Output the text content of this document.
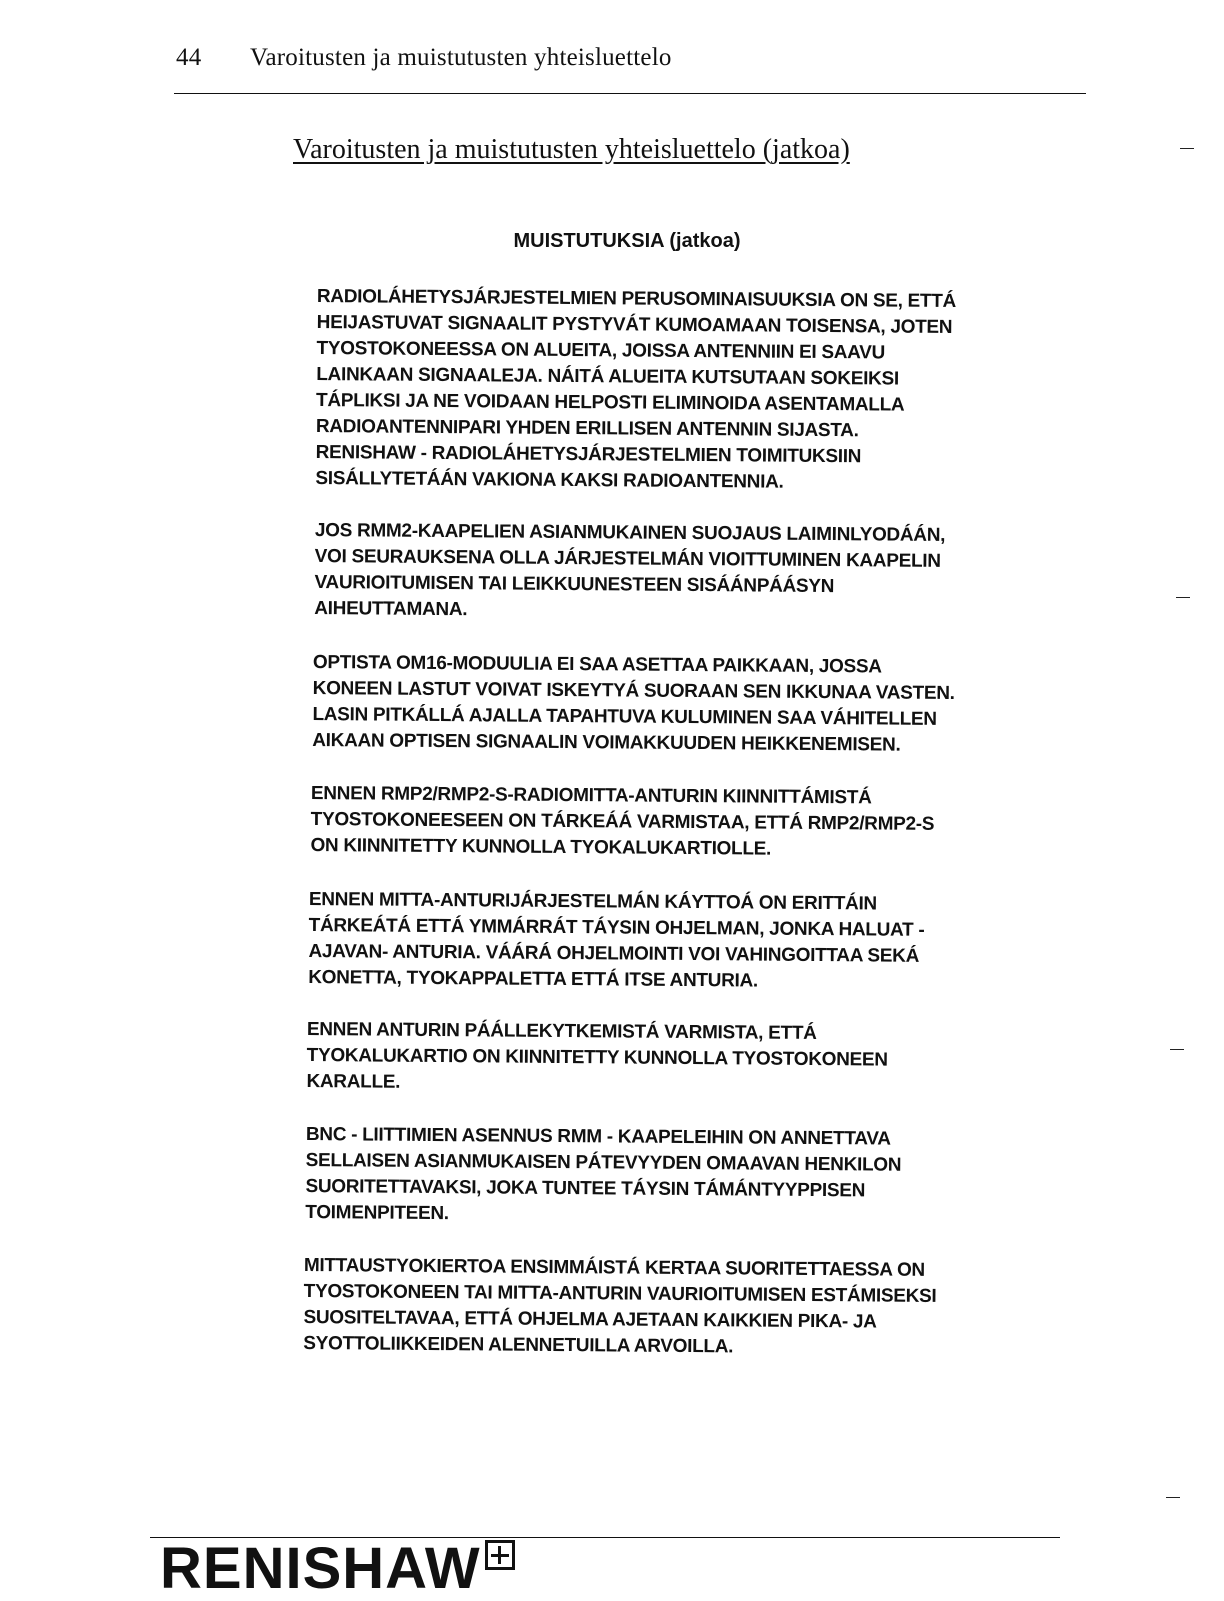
44 Varoitusten ja muistutusten yhteisluettelo
Varoitusten ja muistutusten yhteisluettelo (jatkoa)
MUISTUTUKSIA (jatkoa)
RADIOLÁHETYSJÁRJESTELMIEN PERUSOMINAISUUKSIA ON SE, ETTÁ
HEIJASTUVAT SIGNAALIT PYSTYVÁT KUMOAMAAN TOISENSA, JOTEN
TYOSTOKONEESSA ON ALUEITA, JOISSA ANTENNIIN EI SAAVU
LAINKAAN SIGNAALEJA. NÁITÁ ALUEITA KUTSUTAAN SOKEIKSI
TÁPLIKSI JA NE VOIDAAN HELPOSTI ELIMINOIDA ASENTAMALLA
RADIOANTENNIPARI YHDEN ERILLISEN ANTENNIN SIJASTA.
RENISHAW - RADIOLÁHETYSJÁRJESTELMIEN TOIMITUKSIIN
SISÁLLYTETÁÁN VAKIONA KAKSI RADIOANTENNIA.
JOS RMM2-KAAPELIEN ASIANMUKAINEN SUOJAUS LAIMINLYODÁÁN,
VOI SEURAUKSENA OLLA JÁRJESTELMÁN VIOITTUMINEN KAAPELIN
VAURIOITUMISEN TAI LEIKKUUNESTEEN SISÁÁNPÁÁSYN
AIHEUTTAMANA.
OPTISTA OM16-MODUULIA EI SAA ASETTAA PAIKKAAN, JOSSA
KONEEN LASTUT VOIVAT ISKEYTYÁ SUORAAN SEN IKKUNAA VASTEN.
LASIN PITKÁLLÁ AJALLA TAPAHTUVA KULUMINEN SAA VÁHITELLEN
AIKAAN OPTISEN SIGNAALIN VOIMAKKUUDEN HEIKKENEMISEN.
ENNEN RMP2/RMP2-S-RADIOMITTA-ANTURIN KIINNITTÁMISTÁ
TYOSTOKONEESEEN ON TÁRKEÁÁ VARMISTAA, ETTÁ RMP2/RMP2-S
ON KIINNITETTY KUNNOLLA TYOKALUKARTIOLLE.
ENNEN MITTA-ANTURIJÁRJESTELMÁN KÁYTTOÁ ON ERITTÁIN
TÁRKEÁTÁ ETTÁ YMMÁRRÁT TÁYSIN OHJELMAN, JONKA HALUAT -
AJAVAN- ANTURIA. VÁÁRÁ OHJELMOINTI VOI VAHINGOITTAA SEKÁ
KONETTA, TYOKAPPALETTA ETTÁ ITSE ANTURIA.
ENNEN ANTURIN PÁÁLLEKYTKEMISTÁ VARMISTA, ETTÁ
TYOKALUKARTIO ON KIINNITETTY KUNNOLLA TYOSTOKONEEN
KARALLE.
BNC - LIITTIMIEN ASENNUS RMM - KAAPELEIHIN ON ANNETTAVA
SELLAISEN ASIANMUKAISEN PÁTEVYYDEN OMAAVAN HENKILON
SUORITETTAVAKSI, JOKA TUNTEE TÁYSIN TÁMÁNTYYPPISEN
TOIMENPITEEN.
MITTAUSTYOKIERTOA ENSIMMÁISTÁ KERTAA SUORITETTAESSA ON
TYOSTOKONEEN TAI MITTA-ANTURIN VAURIOITUMISEN ESTÁMISEKSI
SUOSITELTAVAA, ETTÁ OHJELMA AJETAAN KAIKKIEN PIKA- JA
SYOTTOLIIKKEIDEN ALENNETUILLA ARVOILLA.
RENISHAW
